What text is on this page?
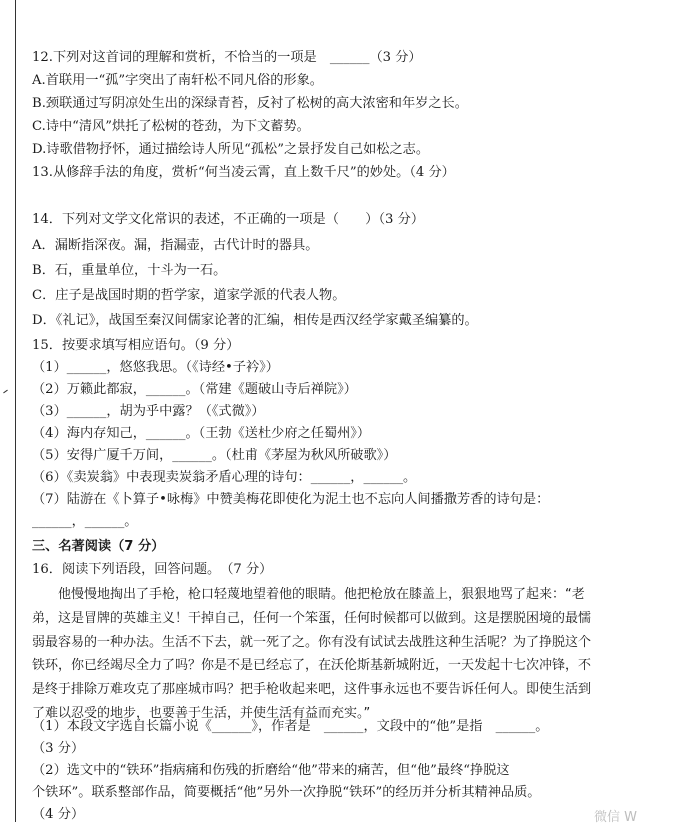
12.下列对这首词的理解和赏析，不恰当的一项是　______（3 分）
A.首联用一“孤”字突出了南轩松不同凡俗的形象。
B.颈联通过写阴凉处生出的深绿青苔，反衬了松树的高大浓密和年岁之长。
C.诗中“清风”烘托了松树的苍劲，为下文蓄势。
D.诗歌借物抒怀，通过描绘诗人所见“孤松”之景抒发自己如松之志。
13.从修辞手法的角度，赏析“何当凌云霄，直上数千尺”的妙处。（4 分）
14．下列对文学文化常识的表述，不正确的一项是（　　）（3 分）
A．漏断指深夜。漏，指漏壶，古代计时的器具。
B．石，重量单位，十斗为一石。
C．庄子是战国时期的哲学家，道家学派的代表人物。
D．《礼记》，战国至秦汉间儒家论著的汇编，相传是西汉经学家戴圣编纂的。
15．按要求填写相应语句。（9 分）
（1）______，悠悠我思。（《诗经•子衿》）
（2）万籁此都寂，______。（常建《题破山寺后禅院》）
（3）______，胡为乎中露？（《式微》）
（4）海内存知己，______。（王勃《送杜少府之任蜀州》）
（5）安得广厦千万间，______。（杜甫《茅屋为秋风所破歌》）
（6）《卖炭翁》中表现卖炭翁矛盾心理的诗句：______，______。
（7）陆游在《卜算子•咏梅》中赞美梅花即使化为泥土也不忘向人间播撒芳香的诗句是：
______，______。
三、名著阅读（7 分）
16．阅读下列语段，回答问题。　（7 分）
　　他慢慢地掏出了手枪，枪口轻蔑地望着他的眼睛。他把枪放在膝盖上，狠狠地骂了起来：“老弟，这是冒牌的英雄主义！干掉自己，任何一个笨蛋，任何时候都可以做到。这是摆脱困境的最懦弱最容易的一种办法。生活不下去，就一死了之。你有没有试试去战胜这种生活呢？为了挣脱这个铁环，你已经竭尽全力了吗？你是不是已经忘了，在沃伦斯基新城附近，一天发起十七次冲锋，不是终于排除万难攻克了那座城市吗？把手枪收起来吧，这件事永远也不要告诉任何人。即使生活到了难以忍受的地步，也要善于生活，并使生活有益而充实。”
（1）本段文字选自长篇小说《______》，作者是　______，文段中的“他”是指　______。
（3 分）
（2）选文中的“铁环”指病痛和伤残的折磨给“他”带来的痛苦，但“他”最终“挣脱这
个铁环”。联系整部作品，简要概括“他”另外一次挣脱“铁环”的经历并分析其精神品质。
（4 分）	微信 W
